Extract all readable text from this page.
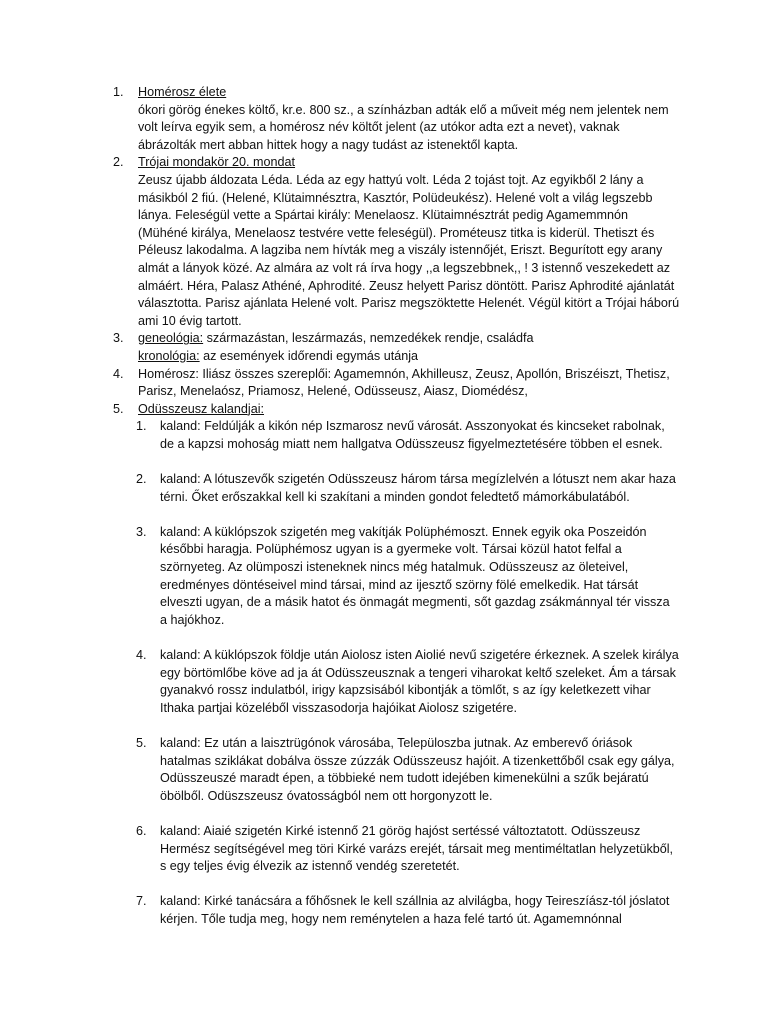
1. Homérosz élete
ókori görög énekes költő, kr.e. 800 sz., a színházban adták elő a műveit még nem jelentek nem volt leírva egyik sem, a homérosz név költőt jelent (az utókor adta ezt a nevet), vaknak ábrázolták mert abban hittek hogy a nagy tudást az istenektől kapta.
2. Trójai mondakör 20. mondat
Zeusz újabb áldozata Léda. Léda az egy hattyú volt. Léda 2 tojást tojt. Az egyikből 2 lány a másikból 2 fiú. (Helené, Klütaimnésztra, Kasztór, Polüdeukész). Helené volt a világ legszebb lánya. Feleségül vette a Spártai király: Menelaosz. Klütaimnésztrát pedig Agamemmnón (Mühéné királya, Menelaosz testvére vette feleségül). Prométeusz titka is kiderül. Thetiszt és Péleusz lakodalma. A lagziba nem hívták meg a viszály istennőjét, Eriszt. Begurított egy arany almát a lányok közé. Az almára az volt rá írva hogy ,,a legszebbnek,, ! 3 istennő veszekedett az almáért. Héra, Palasz Athéné, Aphrodité. Zeusz helyett Parisz döntött. Parisz Aphrodité ajánlatát választotta. Parisz ajánlata Helené volt. Parisz megszöktette Helenét. Végül kitört a Trójai háború ami 10 évig tartott.
3. geneológia: származástan, leszármazás, nemzedékek rendje, családfa
kronológia: az események időrendi egymás utánja
4. Homérosz: Iliász összes szereplői: Agamemnón, Akhilleusz, Zeusz, Apollón, Briszéiszt, Thetisz, Parisz, Menelaósz, Priamosz, Helené, Odüsseusz, Aiasz, Diomédész,
5. Odüsszeusz kalandjai:
1. kaland: Feldúlják a kikón nép Iszmarosz nevű városát. Asszonyokat és kincseket rabolnak, de a kapzsi mohoság miatt nem hallgatva Odüsszeusz figyelmeztetésére többen el esnek.
2. kaland: A lótuszevők szigetén Odüsszeusz három társa megízlelvén a lótuszt nem akar haza térni. Őket erőszakkal kell ki szakítani a minden gondot feledtető mámorkábulatából.
3. kaland: A küklópszok szigetén meg vakítják Polüphémoszt. Ennek egyik oka Poszeidón későbbi haragja. Polüphémosz ugyan is a gyermeke volt. Társai közül hatot felfal a szörnyeteg. Az olümposzi isteneknek nincs még hatalmuk. Odüsszeusz az öleteivel, eredményes döntéseivel mind társai, mind az ijesztő szörny fölé emelkedik. Hat társát elveszti ugyan, de a másik hatot és önmagát megmenti, sőt gazdag zsákmánnyal tér vissza a hajókhoz.
4. kaland: A küklópszok földje után Aiolosz isten Aiolié nevű szigetére érkeznek. A szelek királya egy börtömlőbe köve ad ja át Odüsszeusznak a tengeri viharokat keltő szeleket. Ám a társak gyanakvó rossz indulatból, irigy kapzsisából kibontják a tömlőt, s az így keletkezett vihar Ithaka partjai közeléből visszasodorja hajóikat Aiolosz szigetére.
5. kaland: Ez után a laisztrügónok városába, Települoszba jutnak. Az emberevő óriások hatalmas sziklákat dobálva össze zúzzák Odüsszeusz hajóit. A tizenkettőből csak egy gálya, Odüsszeuszé maradt épen, a többieké nem tudott idejében kimenekülni a szűk bejáratú öbölből. Odüszszeusz óvatosságból nem ott horgonyzott le.
6. kaland: Aiaié szigetén Kirké istennő 21 görög hajóst sertéssé változtatott. Odüsszeusz Hermész segítségével meg töri Kirké varázs erejét, társait meg mentiméltatlan helyzetükből, s egy teljes évig élvezik az istennő vendég szeretetét.
7. kaland: Kirké tanácsára a főhősnek le kell szállnia az alvilágba, hogy Teireszíász-tól jóslatot kérjen. Tőle tudja meg, hogy nem reménytelen a haza felé tartó út. Agamemnónnal
